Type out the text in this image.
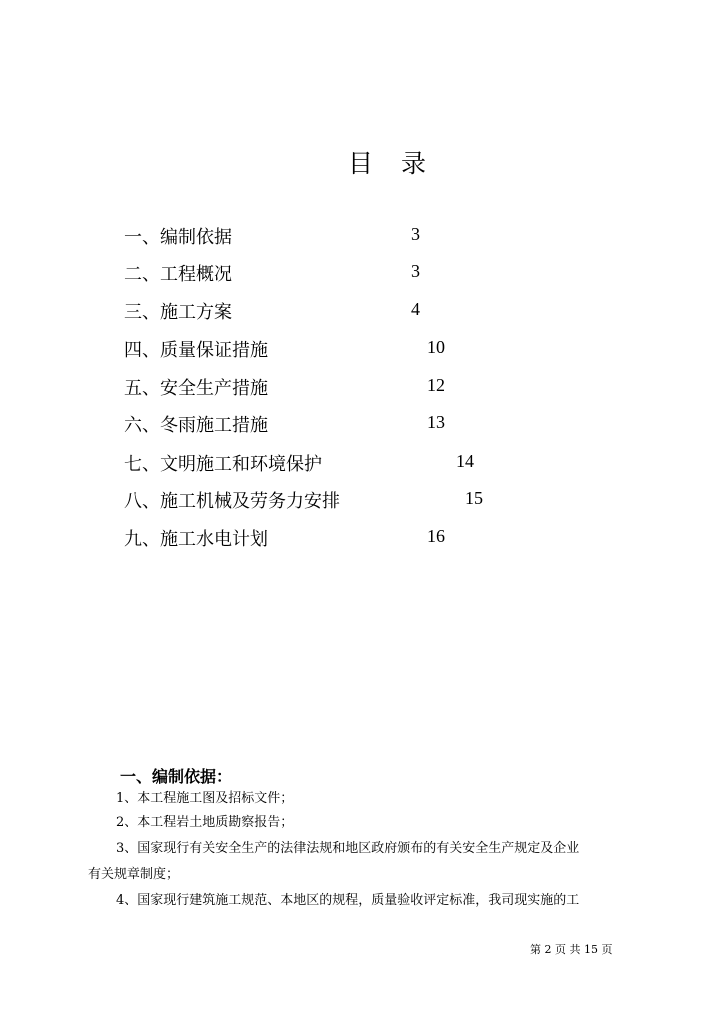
目 录
一、编制依据	3
二、工程概况	3
三、施工方案	4
四、质量保证措施	10
五、安全生产措施	12
六、冬雨施工措施	13
七、文明施工和环境保护	14
八、施工机械及劳务力安排	15
九、施工水电计划	16
一、编制依据：
1、本工程施工图及招标文件；
2、本工程岩土地质勘察报告；
3、国家现行有关安全生产的法律法规和地区政府颁布的有关安全生产规定及企业
有关规章制度；
4、国家现行建筑施工规范、本地区的规程，质量验收评定标准，我司现实施的工
第 2 页 共 15 页
